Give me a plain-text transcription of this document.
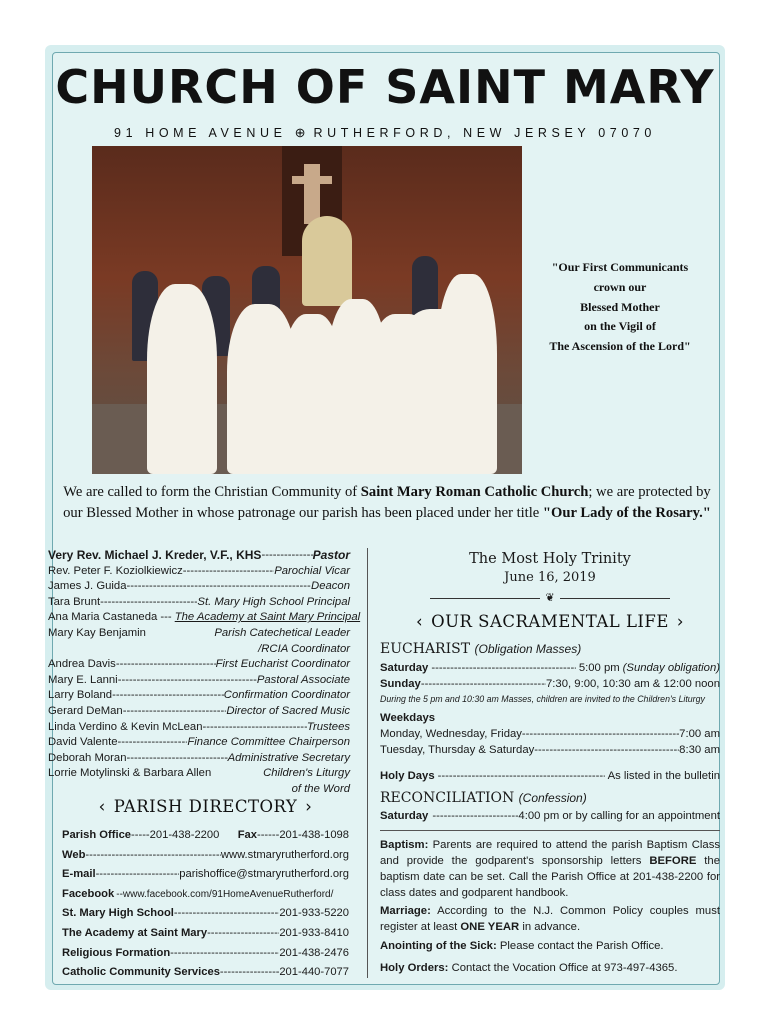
CHURCH OF SAINT MARY
91 HOME AVENUE ⊕ RUTHERFORD, NEW JERSEY 07070
"Our First Communicants
crown our
Blessed Mother
on the Vigil of
The Ascension of the Lord"
We are called to form the Christian Community of Saint Mary Roman Catholic Church; we are protected by our Blessed Mother in whose patronage our parish has been placed under her title "Our Lady of the Rosary."
Very Rev. Michael J. Kreder, V.F., KHS -----	Pastor
Rev. Peter F. Koziolkiewicz -----	Parochial Vicar
James J. Guida -----	Deacon
Tara Brunt -----	St. Mary High School Principal
Ana Maria Castaneda --- The Academy at Saint Mary Principal
Mary Kay Benjamin	Parish Catechetical Leader
/RCIA Coordinator
Andrea Davis -----	First Eucharist Coordinator
Mary E. Lanni -----	Pastoral Associate
Larry Boland -----	Confirmation Coordinator
Gerard DeMan -----	Director of Sacred Music
Linda Verdino & Kevin McLean -----	Trustees
David Valente -----	Finance Committee Chairperson
Deborah Moran -----	Administrative Secretary
Lorrie Motylinski & Barbara Allen	Children's Liturgy
of the Word
‹ PARISH DIRECTORY ›
Parish Office ----- 201-438-2200 Fax ------ 201-438-1098
Web -----	www.stmaryrutherford.org
E-mail -----	parishoffice@stmaryrutherford.org
Facebook --www.facebook.com/91HomeAvenueRutherford/
St. Mary High School -----	201-933-5220
The Academy at Saint Mary -----	201-933-8410
Religious Formation -----	201-438-2476
Catholic Community Services -----	201-440-7077
The Most Holy Trinity
June 16, 2019
❦
‹ OUR SACRAMENTAL LIFE ›
EUCHARIST (Obligation Masses)
Saturday -----	5:00 pm (Sunday obligation)
Sunday -----	7:30, 9:00, 10:30 am & 12:00 noon
During the 5 pm and 10:30 am Masses, children are invited to the Children's Liturgy
Weekdays
Monday, Wednesday, Friday -----	7:00 am
Tuesday, Thursday & Saturday -----	8:30 am
Holy Days -----	As listed in the bulletin
RECONCILIATION (Confession)
Saturday -----	4:00 pm or by calling for an appointment
Baptism: Parents are required to attend the parish Baptism Class and provide the godparent's sponsorship letters BEFORE the baptism date can be set. Call the Parish Office at 201-438-2200 for class dates and godparent handbook.
Marriage: According to the N.J. Common Policy couples must register at least ONE YEAR in advance.
Anointing of the Sick: Please contact the Parish Office.
Holy Orders: Contact the Vocation Office at 973-497-4365.
